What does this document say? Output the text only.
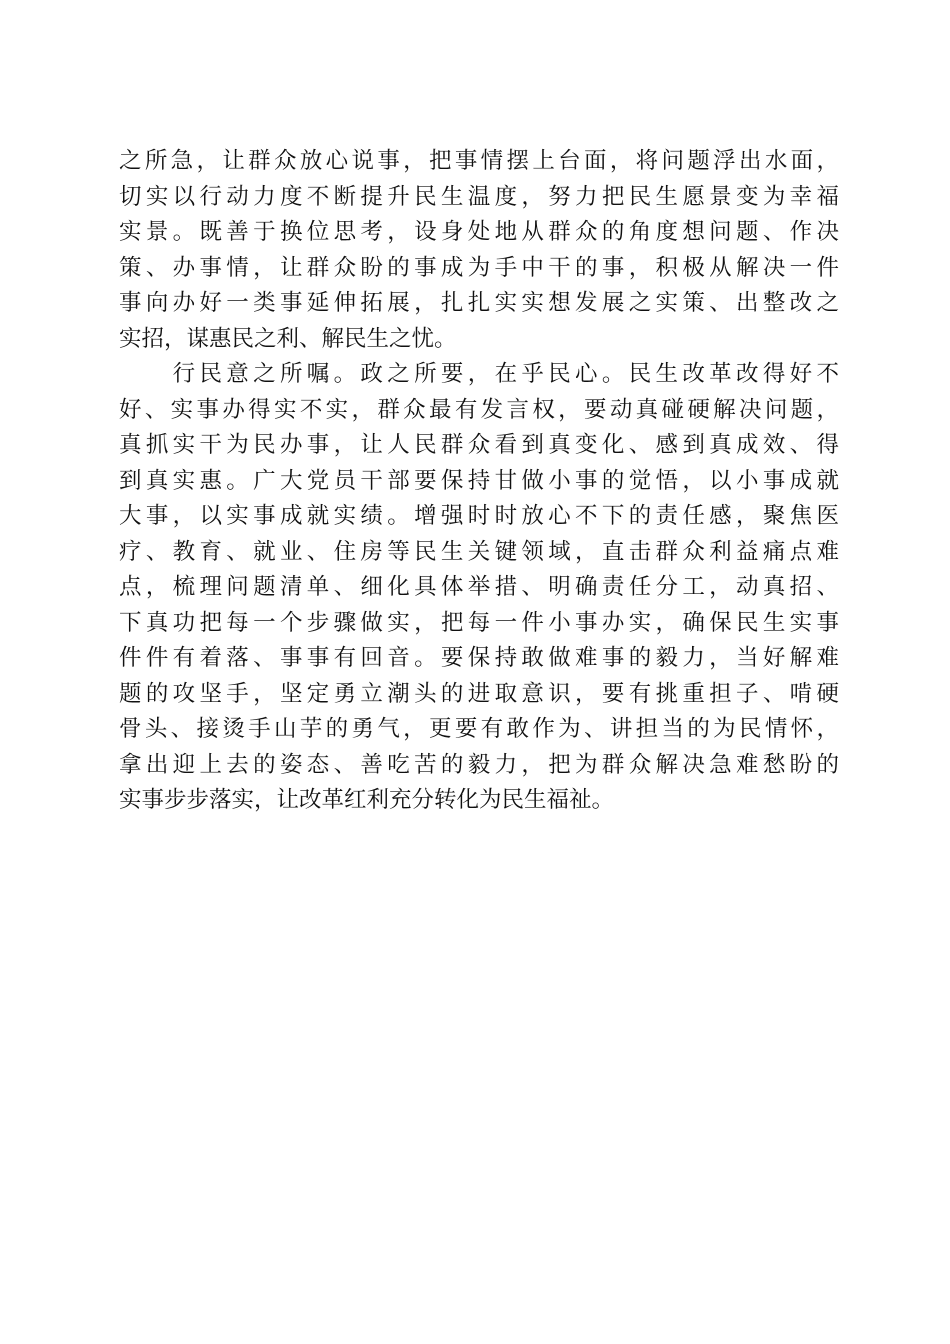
之所急，让群众放心说事，把事情摆上台面，将问题浮出水面，
切实以行动力度不断提升民生温度，努力把民生愿景变为幸福
实景。既善于换位思考，设身处地从群众的角度想问题、作决
策、办事情，让群众盼的事成为手中干的事，积极从解决一件
事向办好一类事延伸拓展，扎扎实实想发展之实策、出整改之
实招，谋惠民之利、解民生之忧。
　　行民意之所嘱。政之所要，在乎民心。民生改革改得好不
好、实事办得实不实，群众最有发言权，要动真碰硬解决问题，
真抓实干为民办事，让人民群众看到真变化、感到真成效、得
到真实惠。广大党员干部要保持甘做小事的觉悟，以小事成就
大事，以实事成就实绩。增强时时放心不下的责任感，聚焦医
疗、教育、就业、住房等民生关键领域，直击群众利益痛点难
点，梳理问题清单、细化具体举措、明确责任分工，动真招、
下真功把每一个步骤做实，把每一件小事办实，确保民生实事
件件有着落、事事有回音。要保持敢做难事的毅力，当好解难
题的攻坚手，坚定勇立潮头的进取意识，要有挑重担子、啃硬
骨头、接烫手山芋的勇气，更要有敢作为、讲担当的为民情怀，
拿出迎上去的姿态、善吃苦的毅力，把为群众解决急难愁盼的
实事步步落实，让改革红利充分转化为民生福祉。
